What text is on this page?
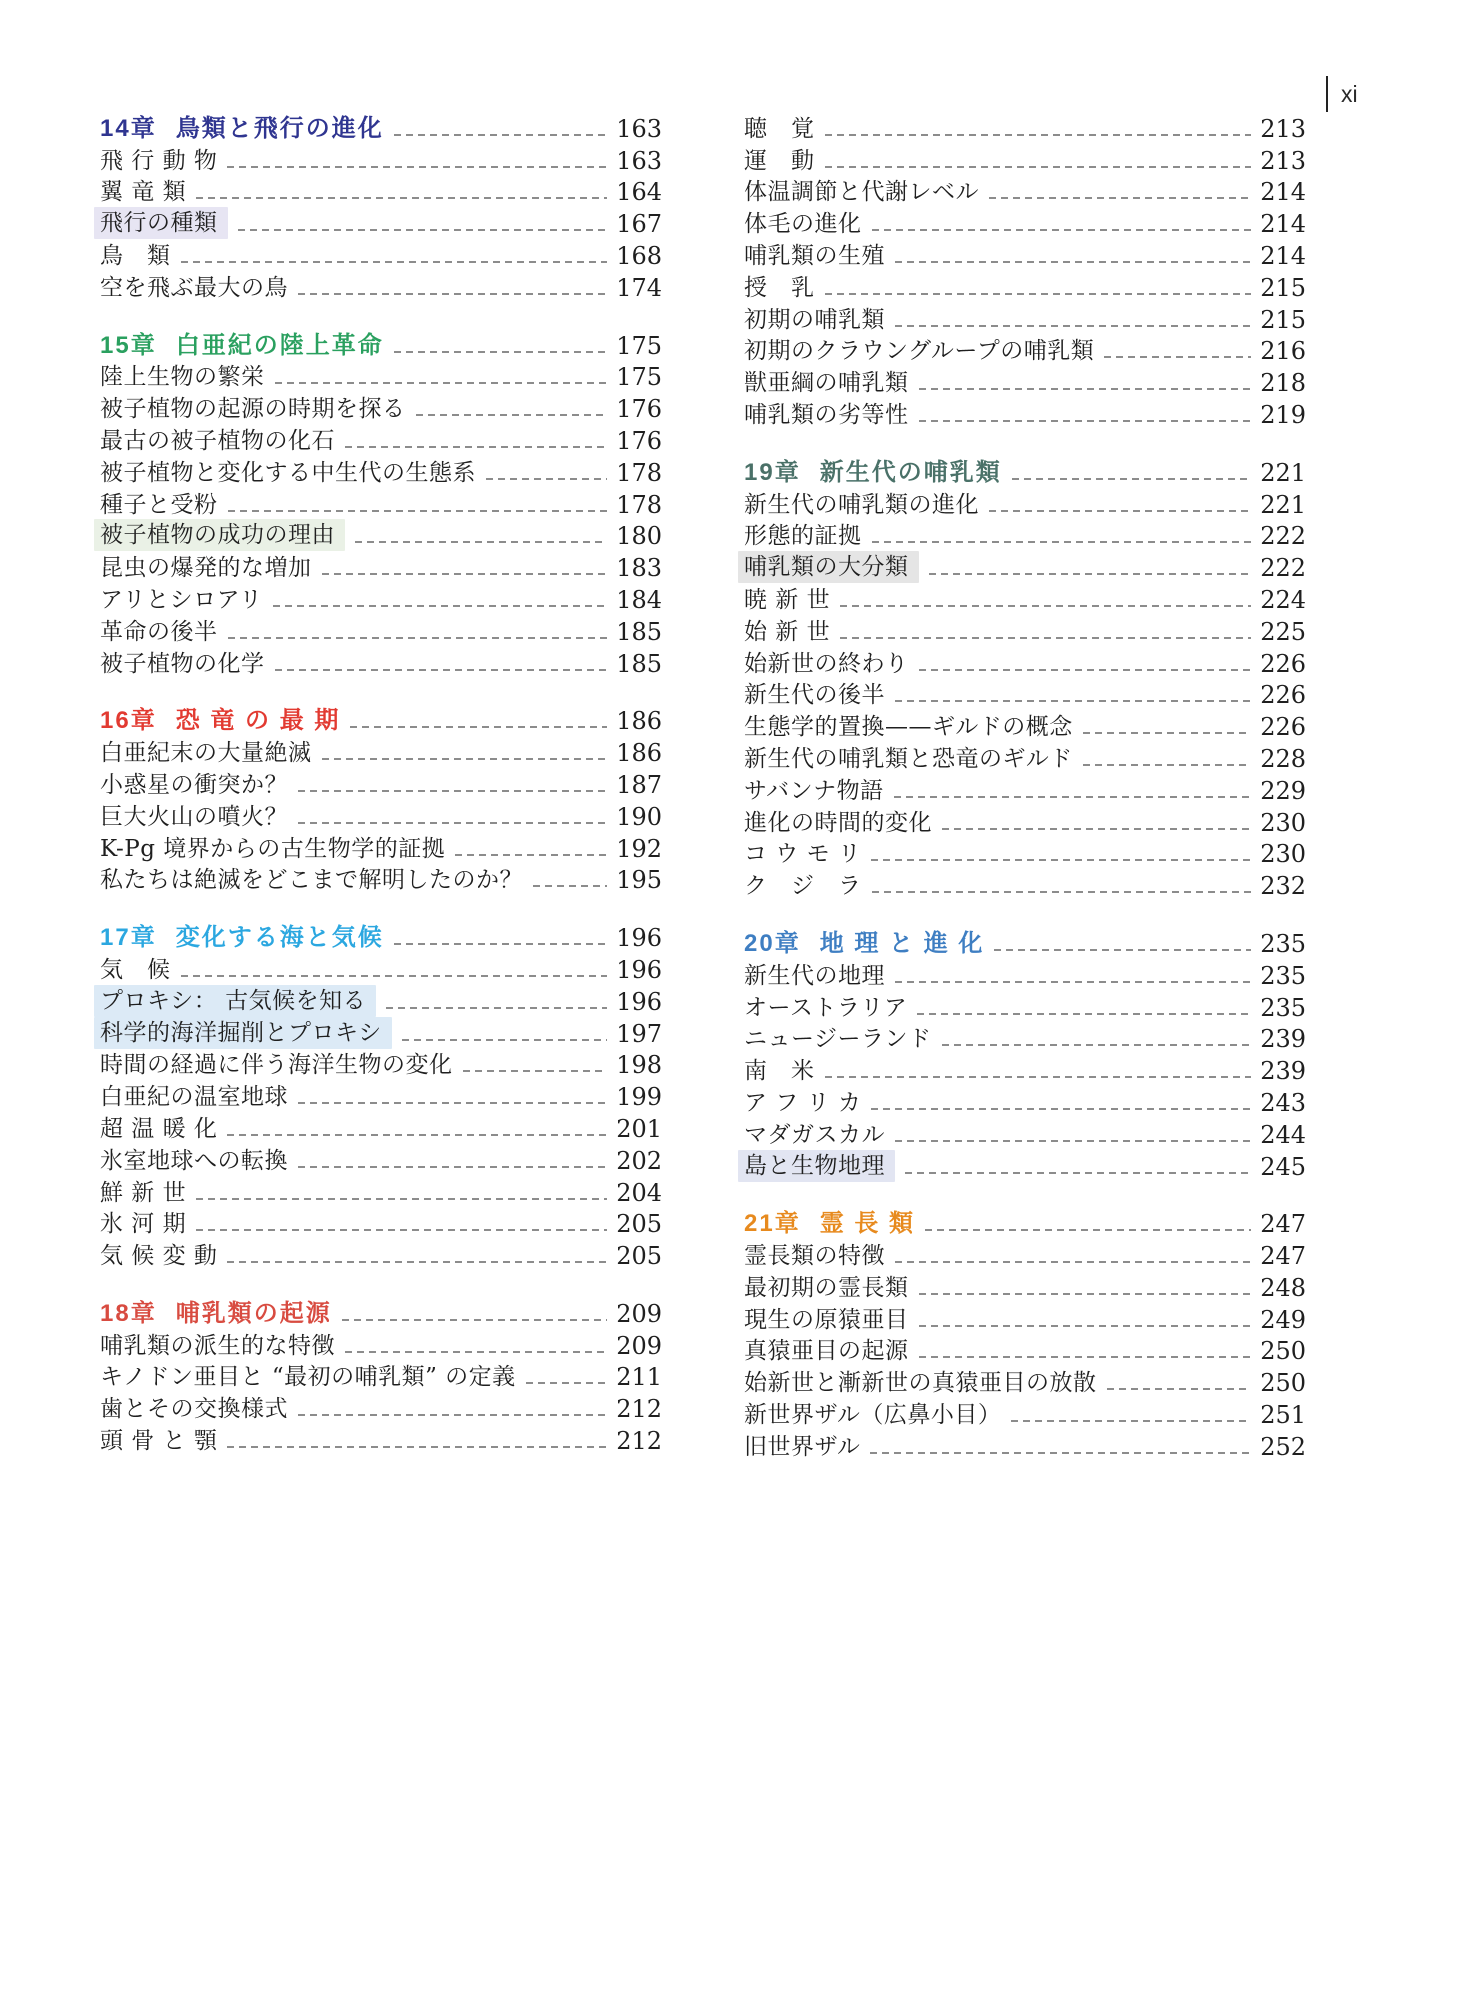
xi
14章 鳥類と飛行の進化	163
飛 行 動 物	163
翼 竜 類	164
飛行の種類	167
鳥　類	168
空を飛ぶ最大の鳥	174
15章 白亜紀の陸上革命	175
陸上生物の繁栄	175
被子植物の起源の時期を探る	176
最古の被子植物の化石	176
被子植物と変化する中生代の生態系	178
種子と受粉	178
被子植物の成功の理由	180
昆虫の爆発的な増加	183
アリとシロアリ	184
革命の後半	185
被子植物の化学	185
16章 恐 竜 の 最 期	186
白亜紀末の大量絶滅	186
小惑星の衝突か？	187
巨大火山の噴火？	190
K-Pg 境界からの古生物学的証拠	192
私たちは絶滅をどこまで解明したのか？	195
17章 変化する海と気候	196
気　候	196
プロキシ： 古気候を知る	196
科学的海洋掘削とプロキシ	197
時間の経過に伴う海洋生物の変化	198
白亜紀の温室地球	199
超 温 暖 化	201
氷室地球への転換	202
鮮 新 世	204
氷 河 期	205
気 候 変 動	205
18章 哺乳類の起源	209
哺乳類の派生的な特徴	209
キノドン亜目と “最初の哺乳類” の定義	211
歯とその交換様式	212
頭 骨 と 顎	212
聴　覚	213
運　動	213
体温調節と代謝レベル	214
体毛の進化	214
哺乳類の生殖	214
授　乳	215
初期の哺乳類	215
初期のクラウングループの哺乳類	216
獣亜綱の哺乳類	218
哺乳類の劣等性	219
19章 新生代の哺乳類	221
新生代の哺乳類の進化	221
形態的証拠	222
哺乳類の大分類	222
暁 新 世	224
始 新 世	225
始新世の終わり	226
新生代の後半	226
生態学的置換——ギルドの概念	226
新生代の哺乳類と恐竜のギルド	228
サバンナ物語	229
進化の時間的変化	230
コ ウ モ リ	230
ク　ジ　ラ	232
20章 地 理 と 進 化	235
新生代の地理	235
オーストラリア	235
ニュージーランド	239
南　米	239
ア フ リ カ	243
マダガスカル	244
島と生物地理	245
21章 霊 長 類	247
霊長類の特徴	247
最初期の霊長類	248
現生の原猿亜目	249
真猿亜目の起源	250
始新世と漸新世の真猿亜目の放散	250
新世界ザル（広鼻小目）	251
旧世界ザル	252
